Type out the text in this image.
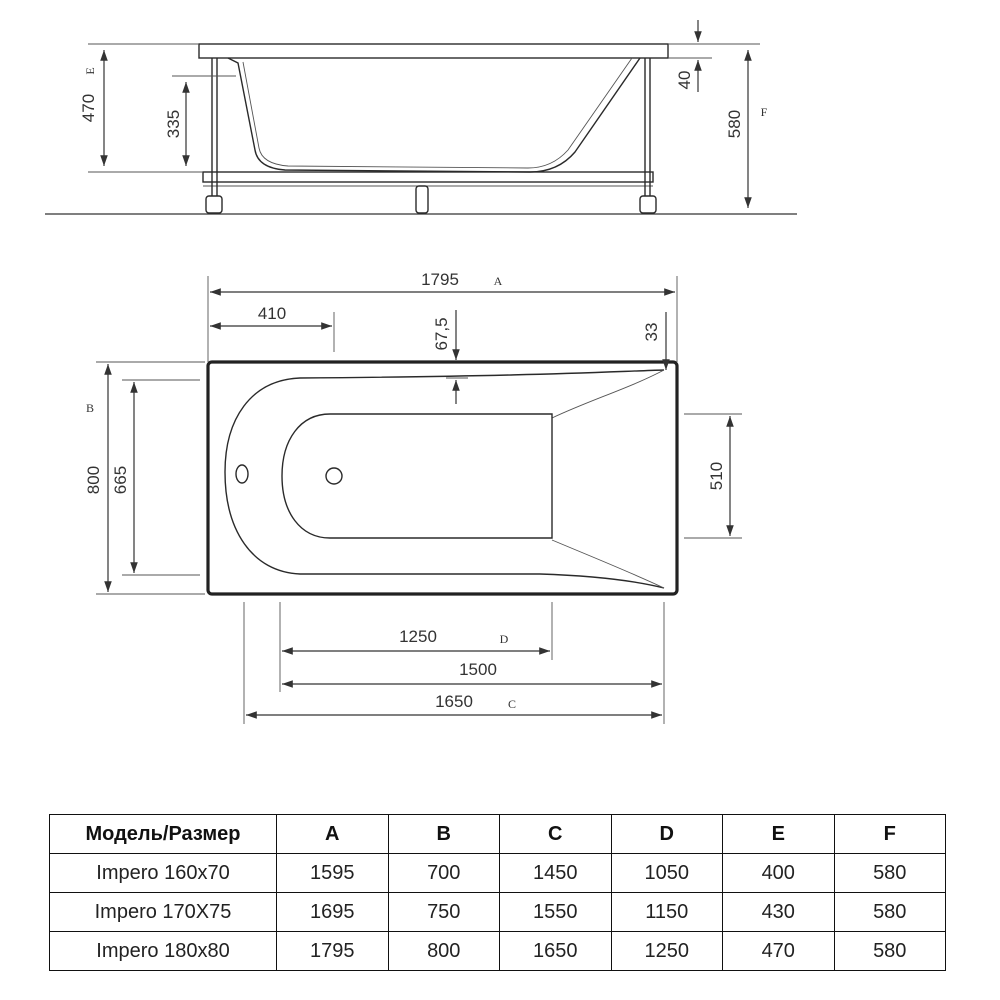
470
E
335
40
580 F
1795	A
410
67,5	33
B
800 665	510
1250	D
1500
1650	C
Модель/Размер	A	B	C	D	E	F
Impero 160x70	1595	700	1450	1050	400	580
Impero 170X75	1695	750	1550	1150	430	580
Impero 180x80	1795	800	1650	1250	470	580
